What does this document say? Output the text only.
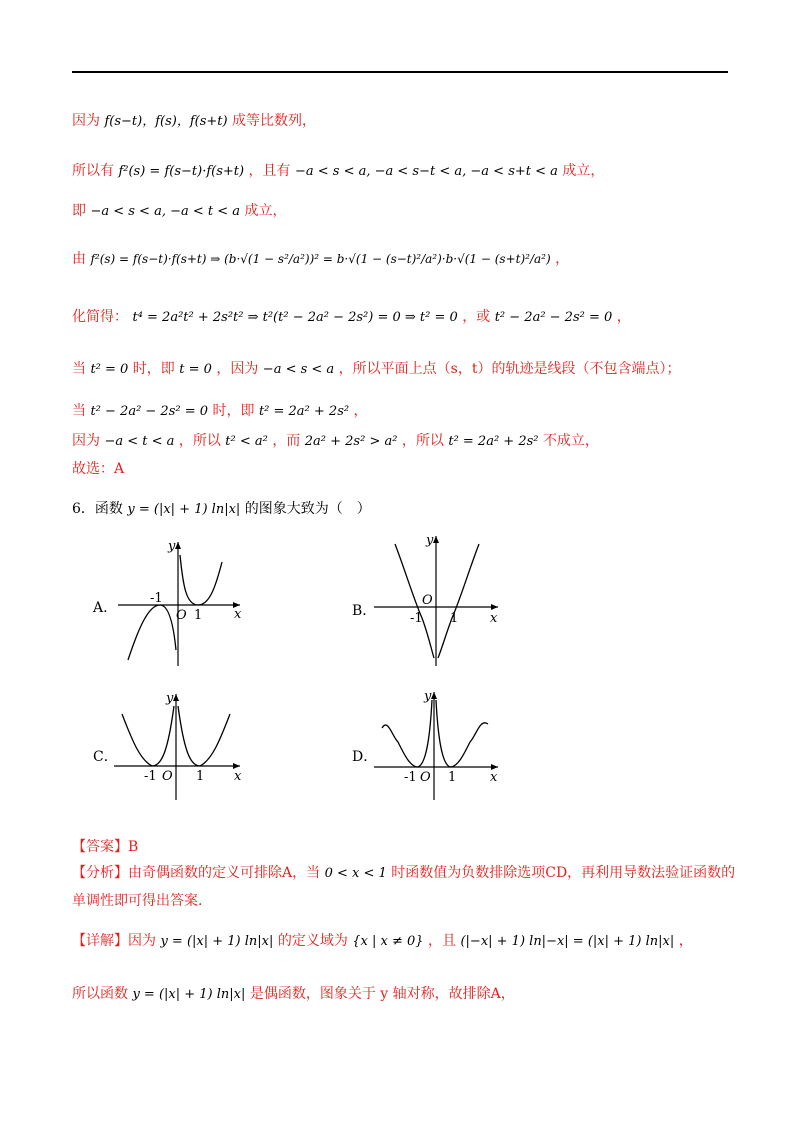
因为 f(s−t)，f(s)，f(s+t) 成等比数列，
所以有 f²(s) = f(s−t)·f(s+t) ，且有 −a < s < a, −a < s−t < a, −a < s+t < a 成立，
即 −a < s < a, −a < t < a 成立，
由 f²(s) = f(s−t)·f(s+t) ⇒ (b·√(1 − s²/a²))² = b·√(1 − (s−t)²/a²)·b·√(1 − (s+t)²/a²) ，
化简得： t⁴ = 2a²t² + 2s²t² ⇒ t²(t² − 2a² − 2s²) = 0 ⇒ t² = 0 ，或 t² − 2a² − 2s² = 0 ，
当 t² = 0 时，即 t = 0 ，因为 −a < s < a ，所以平面上点（s，t）的轨迹是线段（不包含端点）；
当 t² − 2a² − 2s² = 0 时，即 t² = 2a² + 2s² ，
因为 −a < t < a ，所以 t² < a² ，而 2a² + 2s² > a² ，所以 t² = 2a² + 2s² 不成立，
故选：A
6．函数 y = (|x| + 1) ln|x| 的图象大致为（　）
A.
y
x
O
-1
1	B．
y
x
O
-1 1
C．
y
x
O
-1	1
D．
y
x
O
-1 1
【答案】B
【分析】由奇偶函数的定义可排除A，当 0 < x < 1 时函数值为负数排除选项CD，再利用导数法验证函数的
单调性即可得出答案.
【详解】因为 y = (|x| + 1) ln|x| 的定义域为 {x | x ≠ 0} ，且 (|−x| + 1) ln|−x| = (|x| + 1) ln|x| ，
所以函数 y = (|x| + 1) ln|x| 是偶函数，图象关于 y 轴对称，故排除A，
